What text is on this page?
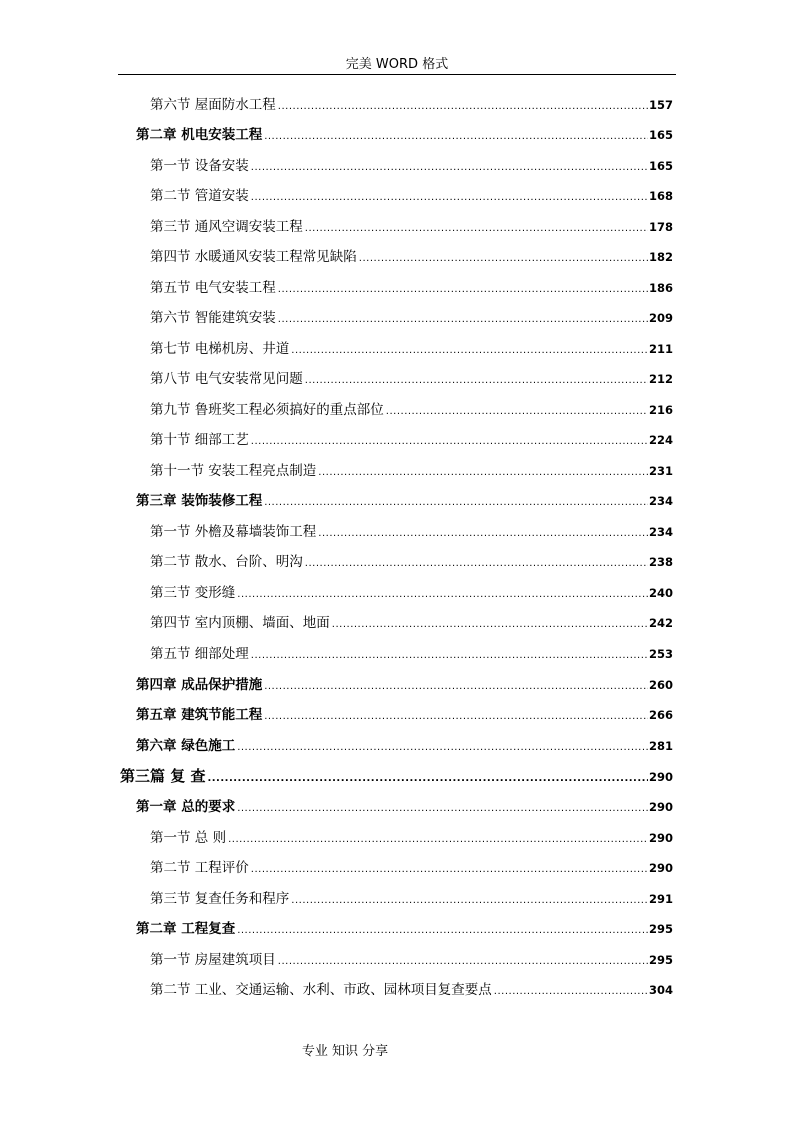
完美 WORD 格式
第六节 屋面防水工程 .....	157
第二章 机电安装工程 .....	165
第一节 设备安装 .....	165
第二节 管道安装 .....	168
第三节 通风空调安装工程 .....	178
第四节 水暖通风安装工程常见缺陷 .....	182
第五节 电气安装工程 .....	186
第六节 智能建筑安装 .....	209
第七节 电梯机房、井道 .....	211
第八节 电气安装常见问题 .....	212
第九节 鲁班奖工程必须搞好的重点部位 .....	216
第十节 细部工艺 .....	224
第十一节 安装工程亮点制造 .....	231
第三章 装饰装修工程 .....	234
第一节 外檐及幕墙装饰工程 .....	234
第二节 散水、台阶、明沟 .....	238
第三节 变形缝 .....	240
第四节 室内顶棚、墙面、地面 .....	242
第五节 细部处理 .....	253
第四章 成品保护措施 .....	260
第五章 建筑节能工程 .....	266
第六章 绿色施工 .....	281
第三篇 复 查 .....	290
第一章 总的要求 .....	290
第一节 总 则 .....	290
第二节 工程评价 .....	290
第三节 复查任务和程序 .....	291
第二章 工程复查 .....	295
第一节 房屋建筑项目 .....	295
第二节 工业、交通运输、水利、市政、园林项目复查要点 .....	304
专业 知识 分享
